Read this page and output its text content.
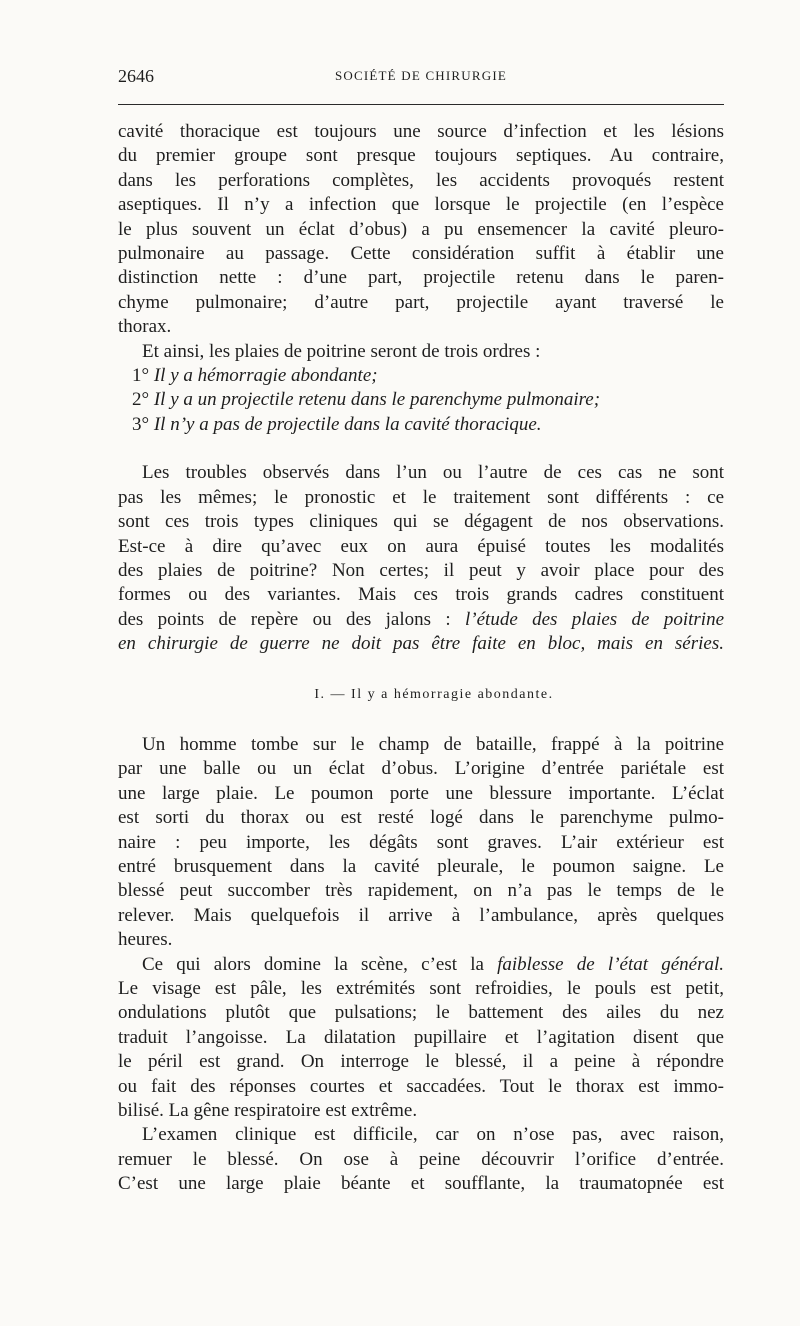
2646	SOCIÉTÉ DE CHIRURGIE
cavité thoracique est toujours une source d’infection et les lésions
du premier groupe sont presque toujours septiques. Au contraire,
dans les perforations complètes, les accidents provoqués restent
aseptiques. Il n’y a infection que lorsque le projectile (en l’espèce
le plus souvent un éclat d’obus) a pu ensemencer la cavité pleuro-
pulmonaire au passage. Cette considération suffit à établir une
distinction nette : d’une part, projectile retenu dans le paren-
chyme pulmonaire; d’autre part, projectile ayant traversé le
thorax.
Et ainsi, les plaies de poitrine seront de trois ordres :
1° Il y a hémorragie abondante;
2° Il y a un projectile retenu dans le parenchyme pulmonaire;
3° Il n’y a pas de projectile dans la cavité thoracique.
Les troubles observés dans l’un ou l’autre de ces cas ne sont
pas les mêmes; le pronostic et le traitement sont différents : ce
sont ces trois types cliniques qui se dégagent de nos observations.
Est-ce à dire qu’avec eux on aura épuisé toutes les modalités
des plaies de poitrine? Non certes; il peut y avoir place pour des
formes ou des variantes. Mais ces trois grands cadres constituent
des points de repère ou des jalons : l’étude des plaies de poitrine
en chirurgie de guerre ne doit pas être faite en bloc, mais en séries.
I. — Il y a hémorragie abondante.
Un homme tombe sur le champ de bataille, frappé à la poitrine
par une balle ou un éclat d’obus. L’origine d’entrée pariétale est
une large plaie. Le poumon porte une blessure importante. L’éclat
est sorti du thorax ou est resté logé dans le parenchyme pulmo-
naire : peu importe, les dégâts sont graves. L’air extérieur est
entré brusquement dans la cavité pleurale, le poumon saigne. Le
blessé peut succomber très rapidement, on n’a pas le temps de le
relever. Mais quelquefois il arrive à l’ambulance, après quelques
heures.
Ce qui alors domine la scène, c’est la faiblesse de l’état général.
Le visage est pâle, les extrémités sont refroidies, le pouls est petit,
ondulations plutôt que pulsations; le battement des ailes du nez
traduit l’angoisse. La dilatation pupillaire et l’agitation disent que
le péril est grand. On interroge le blessé, il a peine à répondre
ou fait des réponses courtes et saccadées. Tout le thorax est immo-
bilisé. La gêne respiratoire est extrême.
L’examen clinique est difficile, car on n’ose pas, avec raison,
remuer le blessé. On ose à peine découvrir l’orifice d’entrée.
C’est une large plaie béante et soufflante, la traumatopnée est
